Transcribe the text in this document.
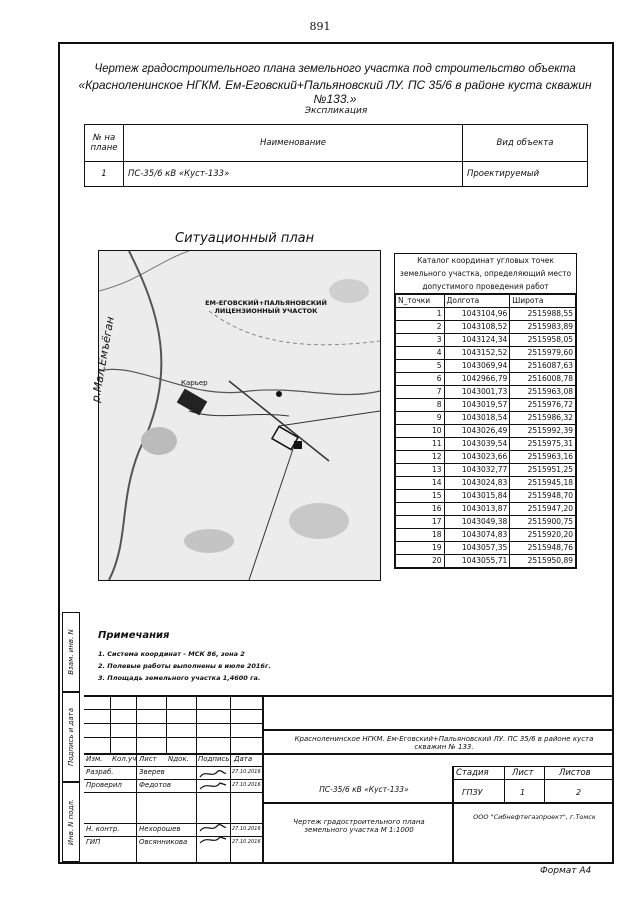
891
Чертеж градостроительного плана земельного участка под строительство объекта
«Красноленинское НГКМ. Ем-Еговский+Пальяновский ЛУ. ПС 35/6 в районе куста скважин №133.»
Экспликация
№ на плане	Наименование	Вид объекта
1	ПС-35/6 кВ «Куст-133»	Проектируемый
Ситуационный план
ЕМ-ЕГОВСКИЙ+ПАЛЬЯНОВСКИЙ ЛИЦЕНЗИОННЫЙ УЧАСТОК
Карьер
р.Мал.Емъёган
Каталог координат угловых точек земельного участка, определяющий место допустимого проведения работ
N_точки	Долгота	Широта
1	1043104,96	2515988,55
2	1043108,52	2515983,89
3	1043124,34	2515958,05
4	1043152,52	2515979,60
5	1043069,94	2516087,63
6	1042966,79	2516008,78
7	1043001,73	2515963,08
8	1043019,57	2515976,72
9	1043018,54	2515986,32
10	1043026,49	2515992,39
11	1043039,54	2515975,31
12	1043023,66	2515963,16
13	1043032,77	2515951,25
14	1043024,83	2515945,18
15	1043015,84	2515948,70
16	1043013,87	2515947,20
17	1043049,38	2515900,75
18	1043074,83	2515920,20
19	1043057,35	2515948,76
20	1043055,71	2515950,89
Примечания
1. Система координат - МСК 86, зона 2
2. Полевые работы выполнены в июле 2016г.
3. Площадь земельного участка 1,4600 га.
Взам. инв. N
Подпись и дата
Инв. N подл.
Красноленинское НГКМ. Ем-Еговский+Пальяновский ЛУ. ПС 35/6 в районе куста скважин № 133.
Изм. Кол.уч Лист Nдок. Подпись Дата
Разраб.	Зверев	27.10.2016
Проверил Федотов	27.10.2016
Н. контр.	Нехорошев	27.10.2016
ГИП	Овсянникова	27.10.2016
ПС-35/6 кВ «Куст-133»
Стадия	Лист	Листов
ГПЗУ	1	2
Чертеж градостроительного плана земельного участка М 1:1000
ООО "Сибнефтегазпроект", г.Томск
Формат А4
